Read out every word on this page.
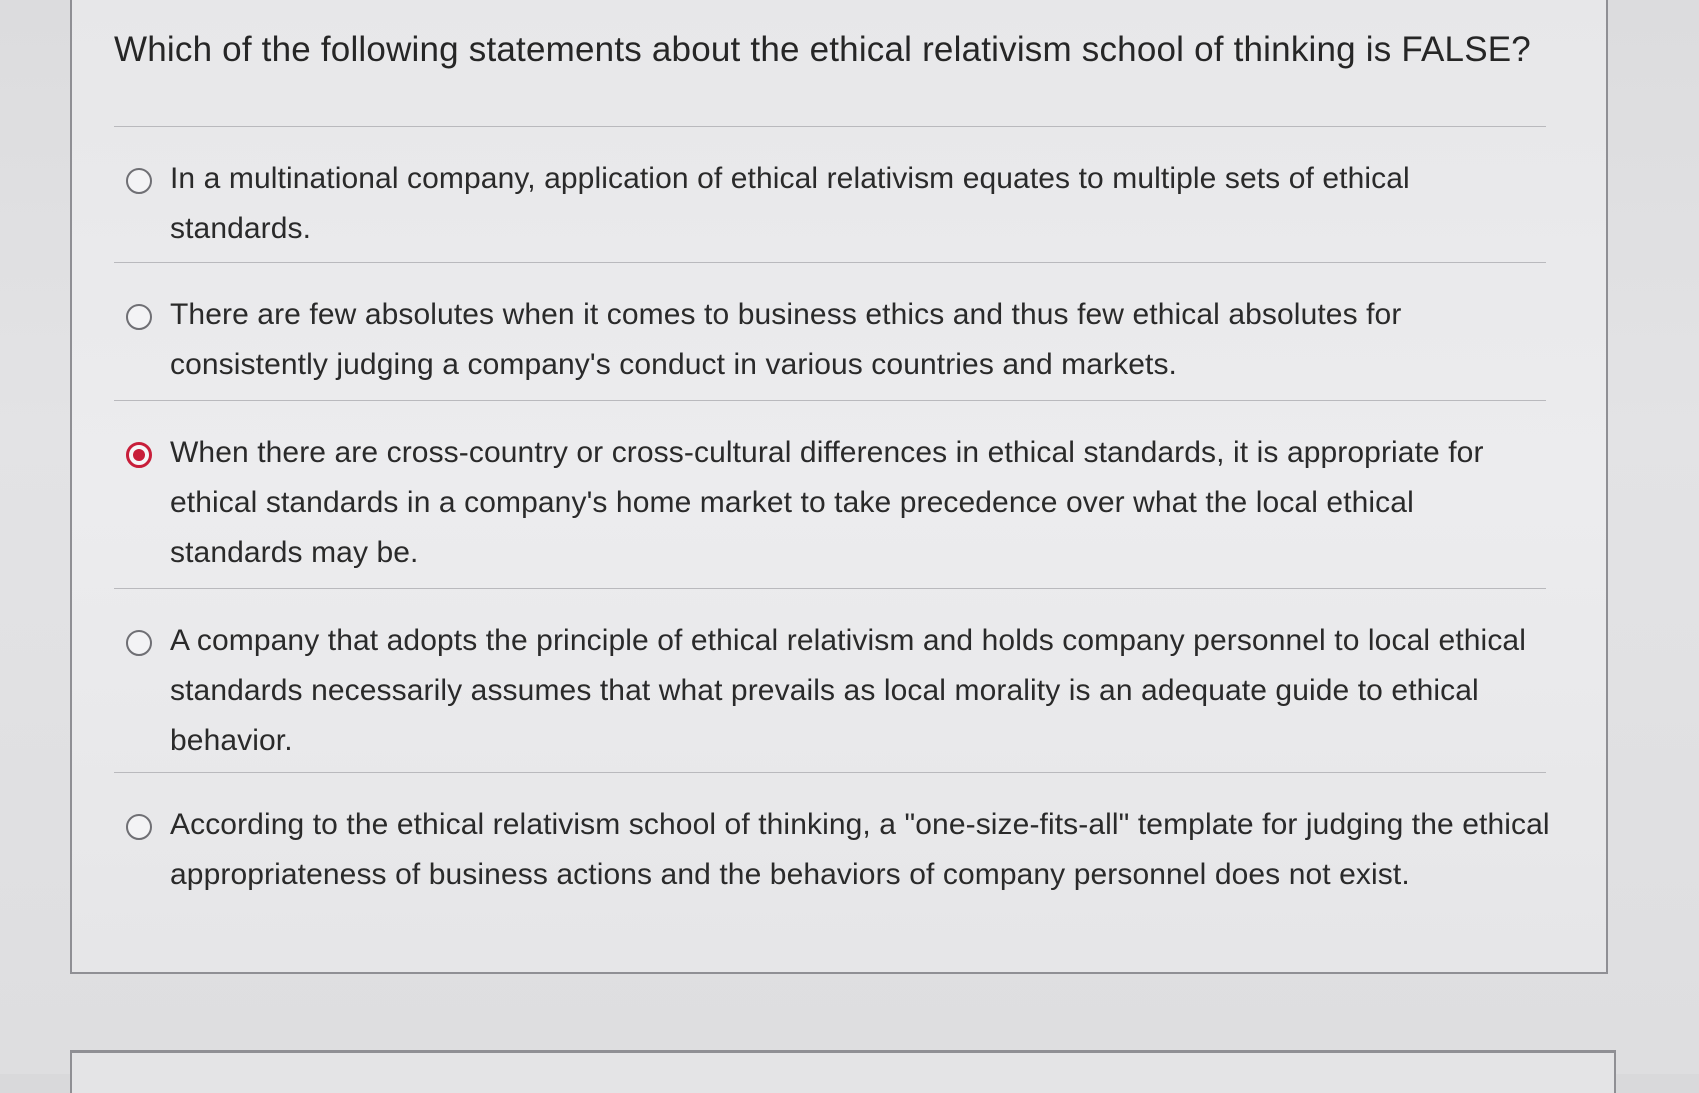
Which of the following statements about the ethical relativism school of thinking is FALSE?
In a multinational company, application of ethical relativism equates to multiple sets of ethical standards.
There are few absolutes when it comes to business ethics and thus few ethical absolutes for consistently judging a company's conduct in various countries and markets.
When there are cross-country or cross-cultural differences in ethical standards, it is appropriate for ethical standards in a company's home market to take precedence over what the local ethical standards may be.
A company that adopts the principle of ethical relativism and holds company personnel to local ethical standards necessarily assumes that what prevails as local morality is an adequate guide to ethical behavior.
According to the ethical relativism school of thinking, a "one-size-fits-all" template for judging the ethical appropriateness of business actions and the behaviors of company personnel does not exist.
